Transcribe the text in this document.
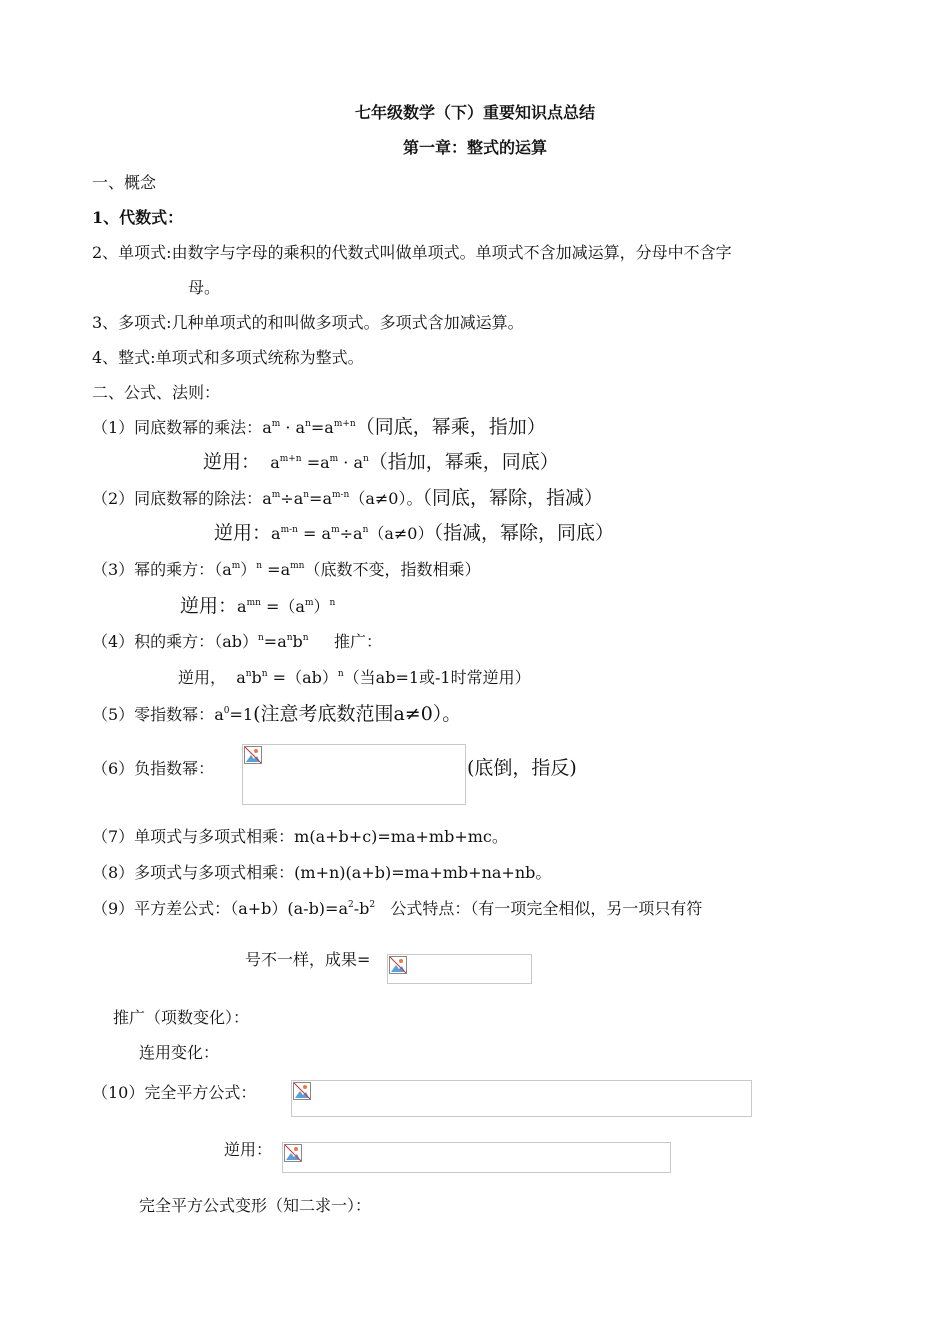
七年级数学（下）重要知识点总结
第一章：整式的运算
一、概念
1、代数式：
2、单项式:由数字与字母的乘积的代数式叫做单项式。单项式不含加减运算，分母中不含字
母。
3、多项式:几种单项式的和叫做多项式。多项式含加减运算。
4、整式:单项式和多项式统称为整式。
二、公式、法则：
（1）同底数幂的乘法：$a^m \cdot a^n=a^{m+n}$（同底，幂乘，指加）
逆用： $a^{m+n} =a^m \cdot a^n$（指加，幂乘，同底）
（2）同底数幂的除法：$a^m\div a^n=a^{m-n}(a\ne 0)$。（同底，幂除，指减）
逆用：$a^{m-n} = a^m\div a^n(a\ne 0)$（指减，幂除，同底）
（3）幂的乘方：$(a^m)^n =a^{mn}$（底数不变，指数相乘）
逆用：$a^{mn} =(a^m)^n$
（4）积的乘方：$(ab)^n=a^nb^n$ 推广：
逆用， $a^nb^n =(ab)^n$（当ab=1或-1时常逆用）
（5）零指数幂：$a^0=1$(注意考底数范围a≠0）。
（6）负指数幂：	(底倒，指反)
（7）单项式与多项式相乘：m(a+b+c)=ma+mb+mc。
（8）多项式与多项式相乘：(m+n)(a+b)=ma+mb+na+nb。
（9）平方差公式：$(a+b)(a-b)=a^2-b^2$ 公式特点：（有一项完全相似，另一项只有符
号不一样，成果=
推广（项数变化）：
连用变化：
（10）完全平方公式：
逆用：
完全平方公式变形（知二求一）：
